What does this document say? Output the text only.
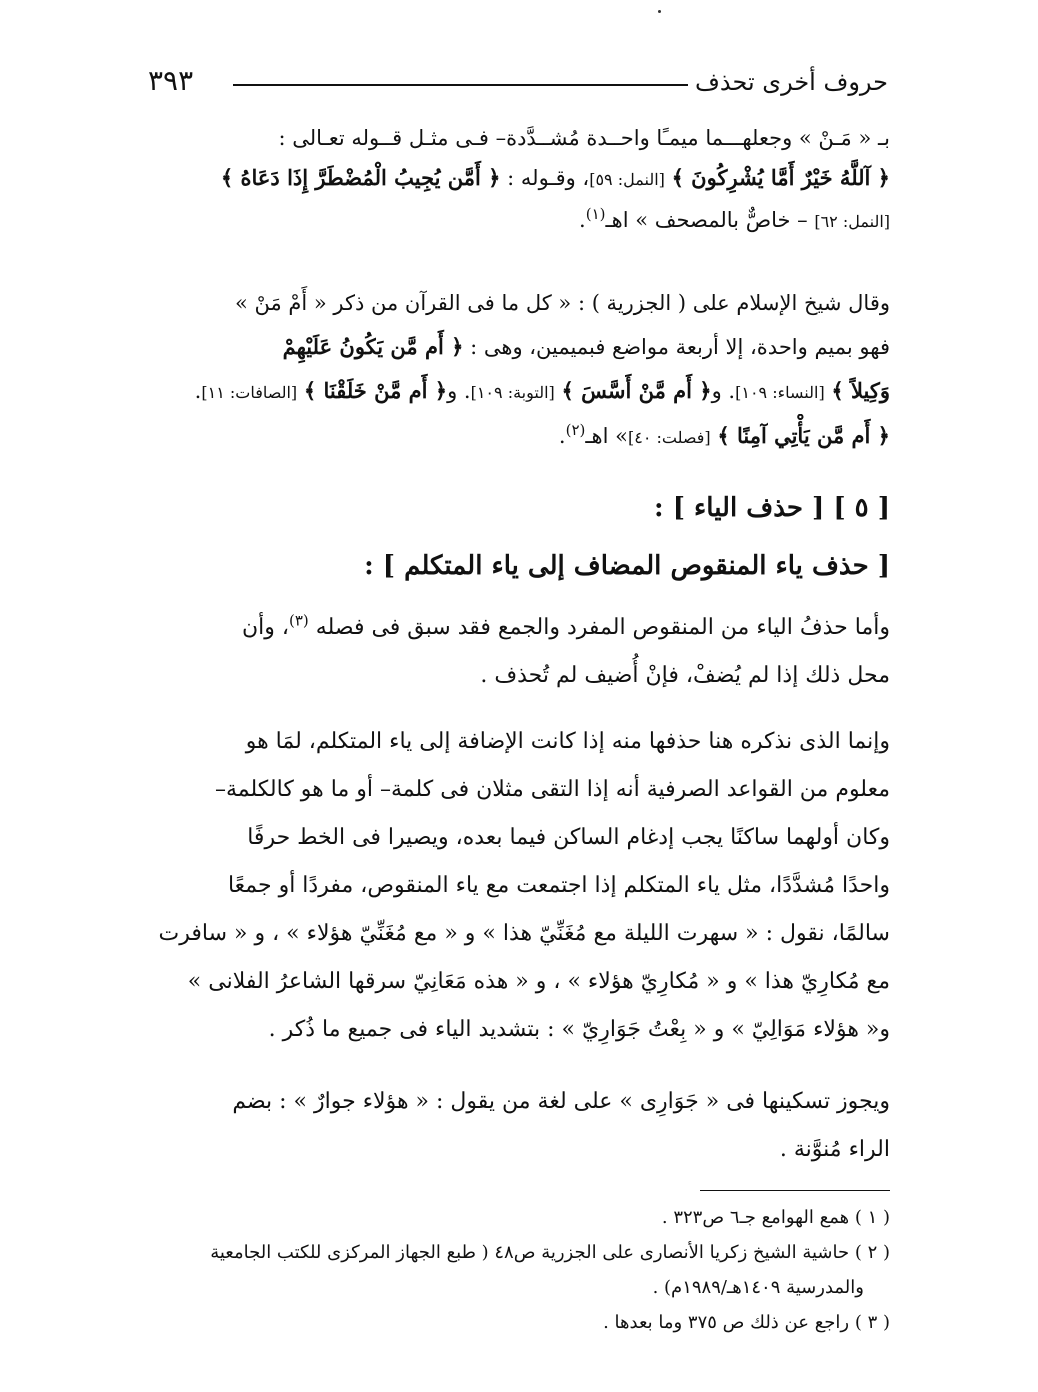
حروف أخرى تحذف
٣٩٣
بـ « مَـنْ » وجعلهـــما ميمـًا واحــدة مُشــدَّدة– فـى مثـل قــوله تعـالى :
﴿ آللَّهُ خَيْرٌ أَمَّا يُشْرِكُونَ ﴾ [النمل: ٥٩]، وقـوله : ﴿ أَمَّن يُجِيبُ الْمُضْطَرَّ إِذَا دَعَاهُ ﴾
[النمل: ٦٢] – خاصٌّ بالمصحف » اهـ$^{(١)}$.
وقال شيخ الإسلام على ( الجزرية ) : « كل ما فى القرآن من ذكر « أَمْ مَنْ »
فهو بميم واحدة، إلا أربعة مواضع فبميمين، وهى : ﴿ أَم مَّن يَكُونُ عَلَيْهِمْ
وَكِيلاً ﴾ [النساء: ١٠٩]. و﴿ أَم مَّنْ أَسَّسَ ﴾ [التوبة: ١٠٩]. و﴿ أَم مَّنْ خَلَقْنَا ﴾ [الصافات: ١١].
﴿ أَم مَّن يَأْتِي آمِنًا ﴾ [فصلت: ٤٠]» اهـ$^{(٢)}$.
[ ٥ ] [ حذف الياء ] :
[ حذف ياء المنقوص المضاف إلى ياء المتكلم ] :
وأما حذفُ الياء من المنقوص المفرد والجمع فقد سبق فى فصله $^{(٣)}$، وأن
محل ذلك إذا لم يُضفْ، فإنْ أُضيف لم تُحذف .
وإنما الذى نذكره هنا حذفها منه إذا كانت الإضافة إلى ياء المتكلم، لمَا هو
معلوم من القواعد الصرفية أنه إذا التقى مثلان فى كلمة– أو ما هو كالكلمة–
وكان أولهما ساكنًا يجب إدغام الساكن فيما بعده، ويصيرا فى الخط حرفًا
واحدًا مُشدَّدًا، مثل ياء المتكلم إذا اجتمعت مع ياء المنقوص، مفردًا أو جمعًا
سالمًا، نقول : « سهرت الليلة مع مُغَنِّيّ هذا » و « مع مُغَنِّيّ هؤلاء » ، و « سافرت
مع مُكارِيّ هذا » و « مُكارِيّ هؤلاء » ، و « هذه مَعَانِيّ سرقها الشاعرُ الفلانى »
و« هؤلاء مَوَالِيّ » و « بِعْتُ جَوَارِيّ » : بتشديد الياء فى جميع ما ذُكر .
ويجوز تسكينها فى « جَوَارِى » على لغة من يقول : « هؤلاء جوارٌ » : بضم
الراء مُنوَّنة .
( ١ ) همع الهوامع جـ٦ ص٣٢٣ .
( ٢ ) حاشية الشيخ زكريا الأنصارى على الجزرية ص٤٨ ( طبع الجهاز المركزى للكتب الجامعية
والمدرسية ١٤٠٩هـ/١٩٨٩م) .
( ٣ ) راجع عن ذلك ص ٣٧٥ وما بعدها .
